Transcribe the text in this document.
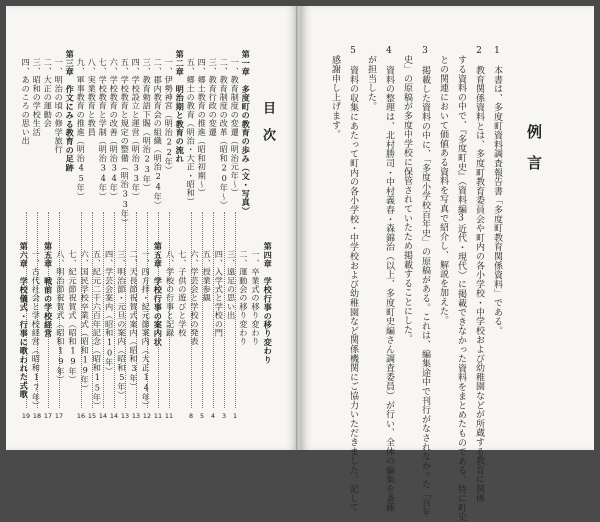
目次
第一章　多度町の教育の歩み（文・写真）
一、教育制度の変遷（明治元年〜）
1
二、教育制度の改革（昭和20年〜）
3
三、教育行政の変遷
4
四、郷土教育の推進（昭和初期〜）
5
五、郷土の教育（明治・大正・昭和）
8
第二章　明治期と教育の流れ
一、伊勢神宮（明治22年）
11
二、郡内教育会の組織（明治24年）
11
三、教育勅語下賜（明治23年）
12
四、学校設立と運営（明治33年）
13
五、学校教育と規定の整備（明治33年）
13
六、学校教育の改善（明治34年）
14
七、学校教育と学制（明治34年）
14
八、実業教育と教員
15
九、軍事教育の推進（明治45年）
16
第三章　作文にみる教育の足跡
一、明治の頃の修学旅行
17
二、大正の運動会
17
三、昭和の学校生活
18
四、あのころの思い出
19
第四章　学校行事の移り変わり
一、卒業式の移り変わり
二、運動会の移り変わり
三、遠足の思い出
四、入学式と学校の門
五、授業参観
六、学芸会と学校の発表
七、子供の遊びと学校
八、学校の行事と記録
第五章　学校行事の案内状
一、四方拝・紀元節案内（大正14年）
二、天長節祝賀式案内（昭和3年）
三、明治節・元旦の案内（昭和5年）
四、学芸会案内（昭和10年）
五、紀元二千六百年記念（昭和15年）
六、国民学校卒業式（昭和19年）
七、紀元節祝賀式（昭和19年）
八、明治節祝賀式（昭和19年）
第五章　戦前の学校経営
一、古代社会と学校経営（昭和17年）
第六章　学校儀式・行事に歌われた式歌
例言
1　本書は、多度町資料調査報告書「多度町教育関係資料」である。
2　教育関係資料とは、多度町教育委員会や町内の各小学校・中学校および幼稚園などが所蔵する教育に関係
　する資料の中で、『多度町史』（資料編3近代・現代）に掲載できなかった資料をまとめたものである。特に町史
　との関連において価値ある資料を写真で紹介し、解説を加えた。
3　掲載した資料の中に、「多度小学校百年史」の原稿がある。これは、編集途中で刊行がなされなかった「百年
　史」の原稿が多度中学校に保管されていたため掲載することにした。
4　資料の整理は、北村勝司・中村義春・森錦治（以上、多度町史編さん調査委員）が行い、全体の編集を斎藤
　が担当した。
5　資料の収集にあたって町内の各小学校・中学校および幼稚園など関係機関にご協力いただきました。記して
　感謝申し上げます。
